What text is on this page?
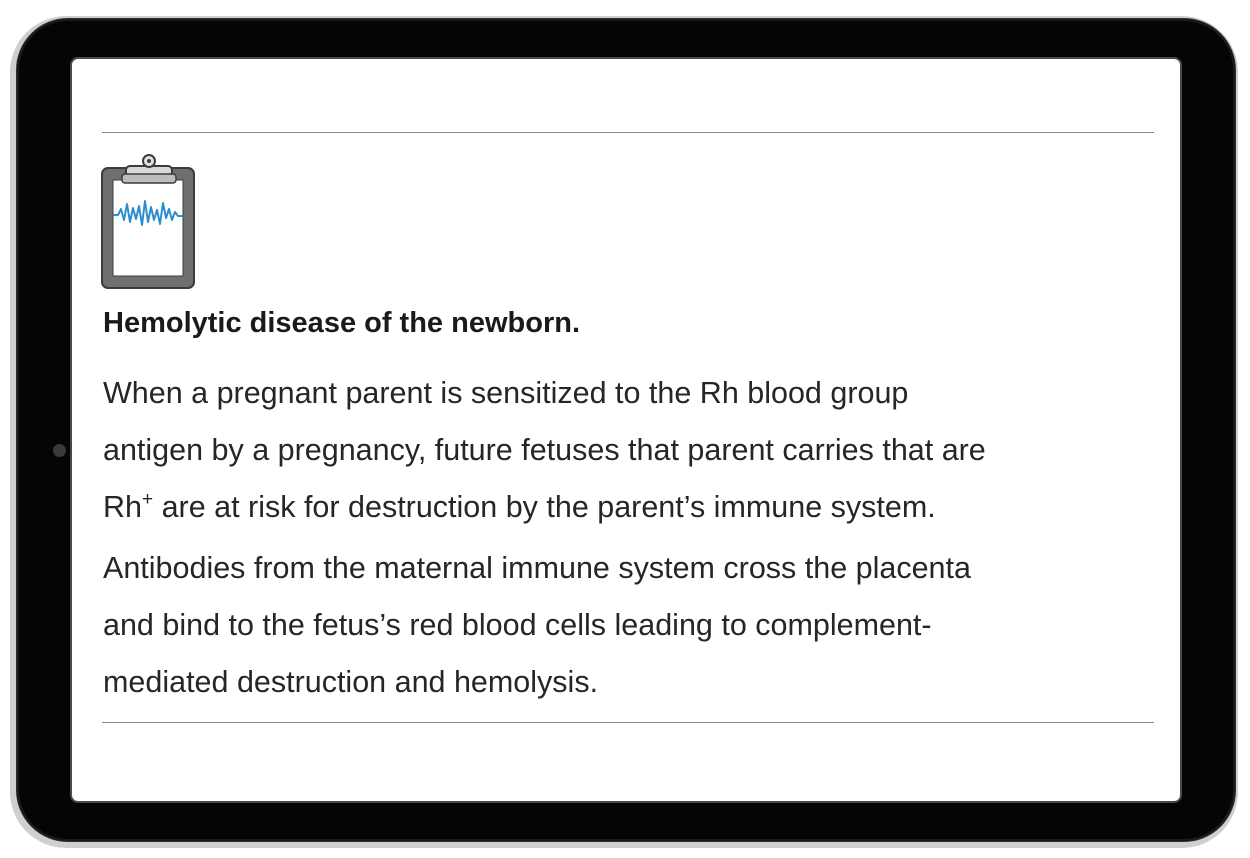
Hemolytic disease of the newborn.

When a pregnant parent is sensitized to the Rh blood group
antigen by a pregnancy, future fetuses that parent carries that are
Rh+ are at risk for destruction by the parent’s immune system.
Antibodies from the maternal immune system cross the placenta
and bind to the fetus’s red blood cells leading to complement-
mediated destruction and hemolysis.
